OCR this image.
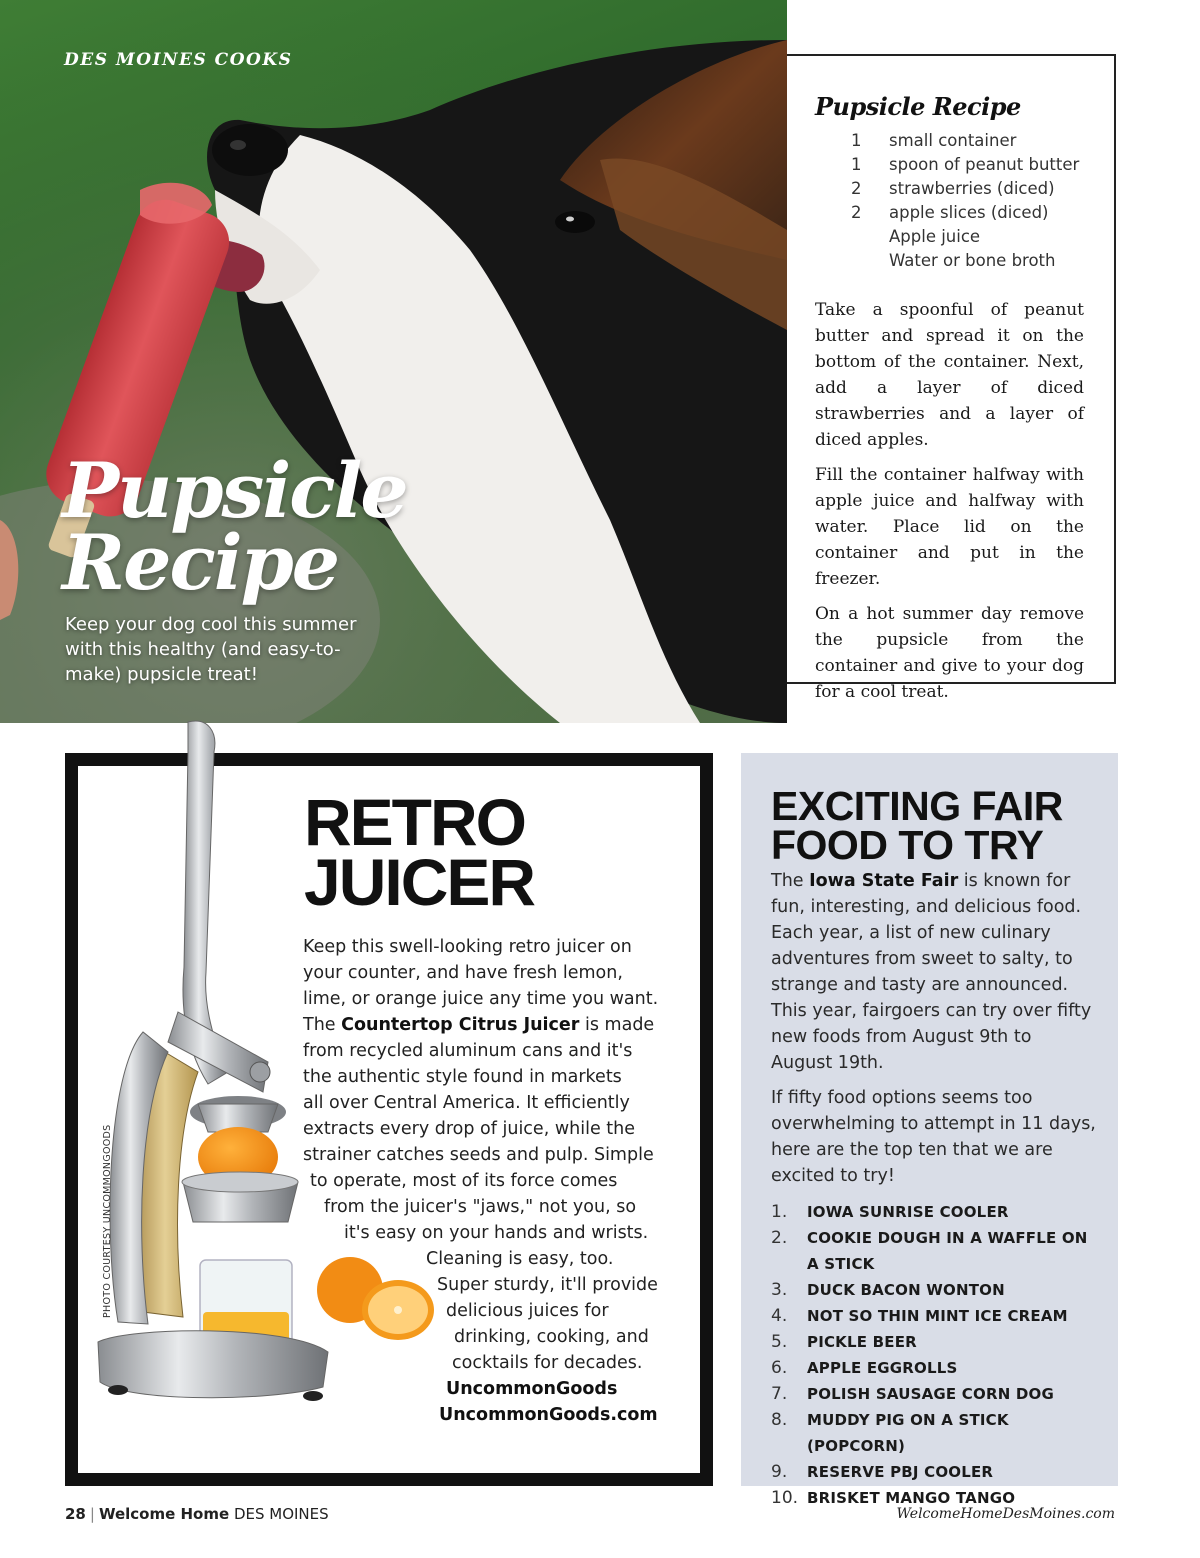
DES MOINES COOKS
Pupsicle
Recipe

Keep your dog cool this summer with this healthy (and easy-to-make) pupsicle treat!

Pupsicle Recipe
1	small container
1	spoon of peanut butter
2	strawberries (diced)
2	apple slices (diced)
Apple juice
Water or bone broth

Take a spoonful of peanut butter and spread it on the bottom of the container. Next, add a layer of diced strawberries and a layer of diced apples.

Fill the container halfway with apple juice and halfway with water. Place lid on the container and put in the freezer.

On a hot summer day remove the pupsicle from the container and give to your dog for a cool treat.

PHOTO COURTESY UNCOMMONGOODS
RETRO
JUICER
Keep this swell-looking retro juicer on
your counter, and have fresh lemon,
lime, or orange juice any time you want.
The Countertop Citrus Juicer is made
from recycled aluminum cans and it's
the authentic style found in markets
all over Central America. It efficiently
extracts every drop of juice, while the
strainer catches seeds and pulp. Simple
to operate, most of its force comes
from the juicer's "jaws," not you, so
it's easy on your hands and wrists.
Cleaning is easy, too.
Super sturdy, it'll provide
delicious juices for
drinking, cooking, and
cocktails for decades.
UncommonGoods
UncommonGoods.com
EXCITING FAIR
FOOD TO TRY

The Iowa State Fair is known for fun, interesting, and delicious food. Each year, a list of new culinary adventures from sweet to salty, to strange and tasty are announced. This year, fairgoers can try over fifty new foods from August 9th to August 19th.

If fifty food options seems too overwhelming to attempt in 11 days, here are the top ten that we are excited to try!

1.	IOWA SUNRISE COOLER
2.	COOKIE DOUGH IN A WAFFLE ON A STICK
3.	DUCK BACON WONTON
4.	NOT SO THIN MINT ICE CREAM
5.	PICKLE BEER
6.	APPLE EGGROLLS
7.	POLISH SAUSAGE CORN DOG
8.	MUDDY PIG ON A STICK (POPCORN)
9.	RESERVE PBJ COOLER
10. BRISKET MANGO TANGO
28 | Welcome Home DES MOINES	WelcomeHomeDesMoines.com
